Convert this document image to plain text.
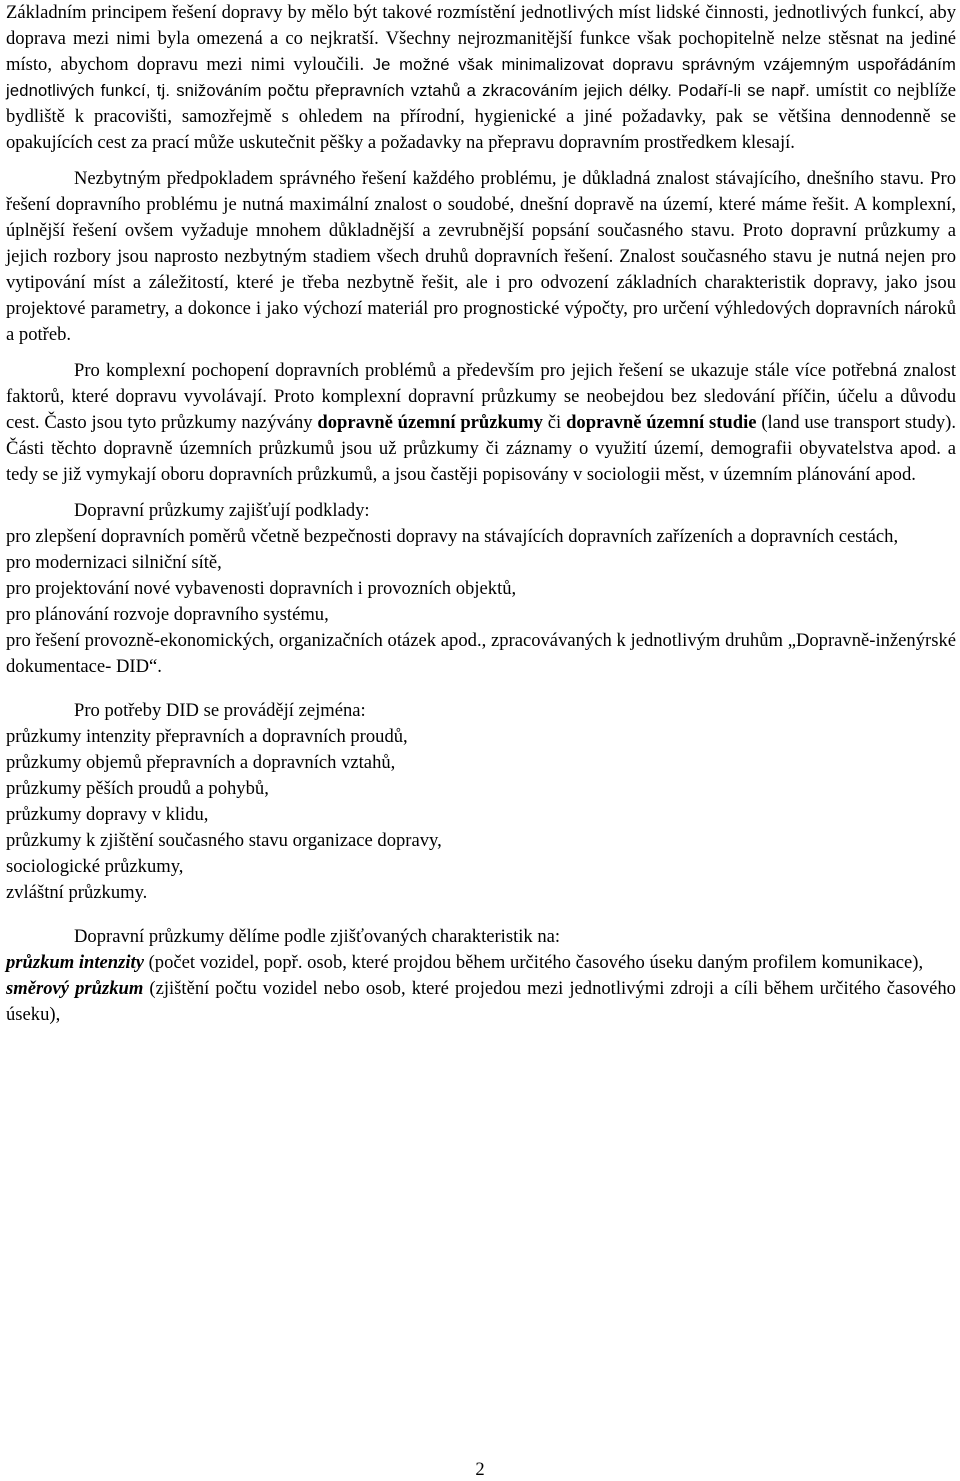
Základním principem řešení dopravy by mělo být takové rozmístění jednotlivých míst lidské činnosti, jednotlivých funkcí, aby doprava mezi nimi byla omezená a co nejkratší. Všechny nejrozmanitější funkce však pochopitelně nelze stěsnat na jediné místo, abychom dopravu mezi nimi vyloučili. Je možné však minimalizovat dopravu správným vzájemným uspořádáním jednotlivých funkcí, tj. snižováním počtu přepravních vztahů a zkracováním jejich délky. Podaří-li se např. umístit co nejblíže bydliště k pracovišti, samozřejmě s ohledem na přírodní, hygienické a jiné požadavky, pak se většina dennodenně se opakujících cest za prací může uskutečnit pěšky a požadavky na přepravu dopravním prostředkem klesají.

Nezbytným předpokladem správného řešení každého problému, je důkladná znalost stávajícího, dnešního stavu. Pro řešení dopravního problému je nutná maximální znalost o soudobé, dnešní dopravě na území, které máme řešit. A komplexní, úplnější řešení ovšem vyžaduje mnohem důkladnější a zevrubnější popsání současného stavu. Proto dopravní průzkumy a jejich rozbory jsou naprosto nezbytným stadiem všech druhů dopravních řešení. Znalost současného stavu je nutná nejen pro vytipování míst a záležitostí, které je třeba nezbytně řešit, ale i pro odvození základních charakteristik dopravy, jako jsou projektové parametry, a dokonce i jako výchozí materiál pro prognostické výpočty, pro určení výhledových dopravních nároků a potřeb.

Pro komplexní pochopení dopravních problémů a především pro jejich řešení se ukazuje stále více potřebná znalost faktorů, které dopravu vyvolávají. Proto komplexní dopravní průzkumy se neobejdou bez sledování příčin, účelu a důvodu cest. Často jsou tyto průzkumy nazývány dopravně územní průzkumy či dopravně územní studie (land use transport study). Části těchto dopravně územních průzkumů jsou už průzkumy či záznamy o využití území, demografii obyvatelstva apod. a tedy se již vymykají oboru dopravních průzkumů, a jsou častěji popisovány v sociologii měst, v územním plánování apod.

Dopravní průzkumy zajišťují podklady:

pro zlepšení dopravních poměrů včetně bezpečnosti dopravy na stávajících dopravních zařízeních a dopravních cestách,

pro modernizaci silniční sítě,

pro projektování nové vybavenosti dopravních i provozních objektů,

pro plánování rozvoje dopravního systému,

pro řešení provozně-ekonomických, organizačních otázek apod., zpracovávaných k jednotlivým druhům „Dopravně-inženýrské dokumentace- DID“.

Pro potřeby DID se provádějí zejména:

průzkumy intenzity přepravních a dopravních proudů,

průzkumy objemů přepravních a dopravních vztahů,

průzkumy pěších proudů a pohybů,

průzkumy dopravy v klidu,

průzkumy k zjištění současného stavu organizace dopravy,

sociologické průzkumy,

zvláštní průzkumy.

Dopravní průzkumy dělíme podle zjišťovaných charakteristik na:

průzkum intenzity (počet vozidel, popř. osob, které projdou během určitého časového úseku daným profilem komunikace),

směrový průzkum (zjištění počtu vozidel nebo osob, které projedou mezi jednotlivými zdroji a cíli během určitého časového úseku),

2
